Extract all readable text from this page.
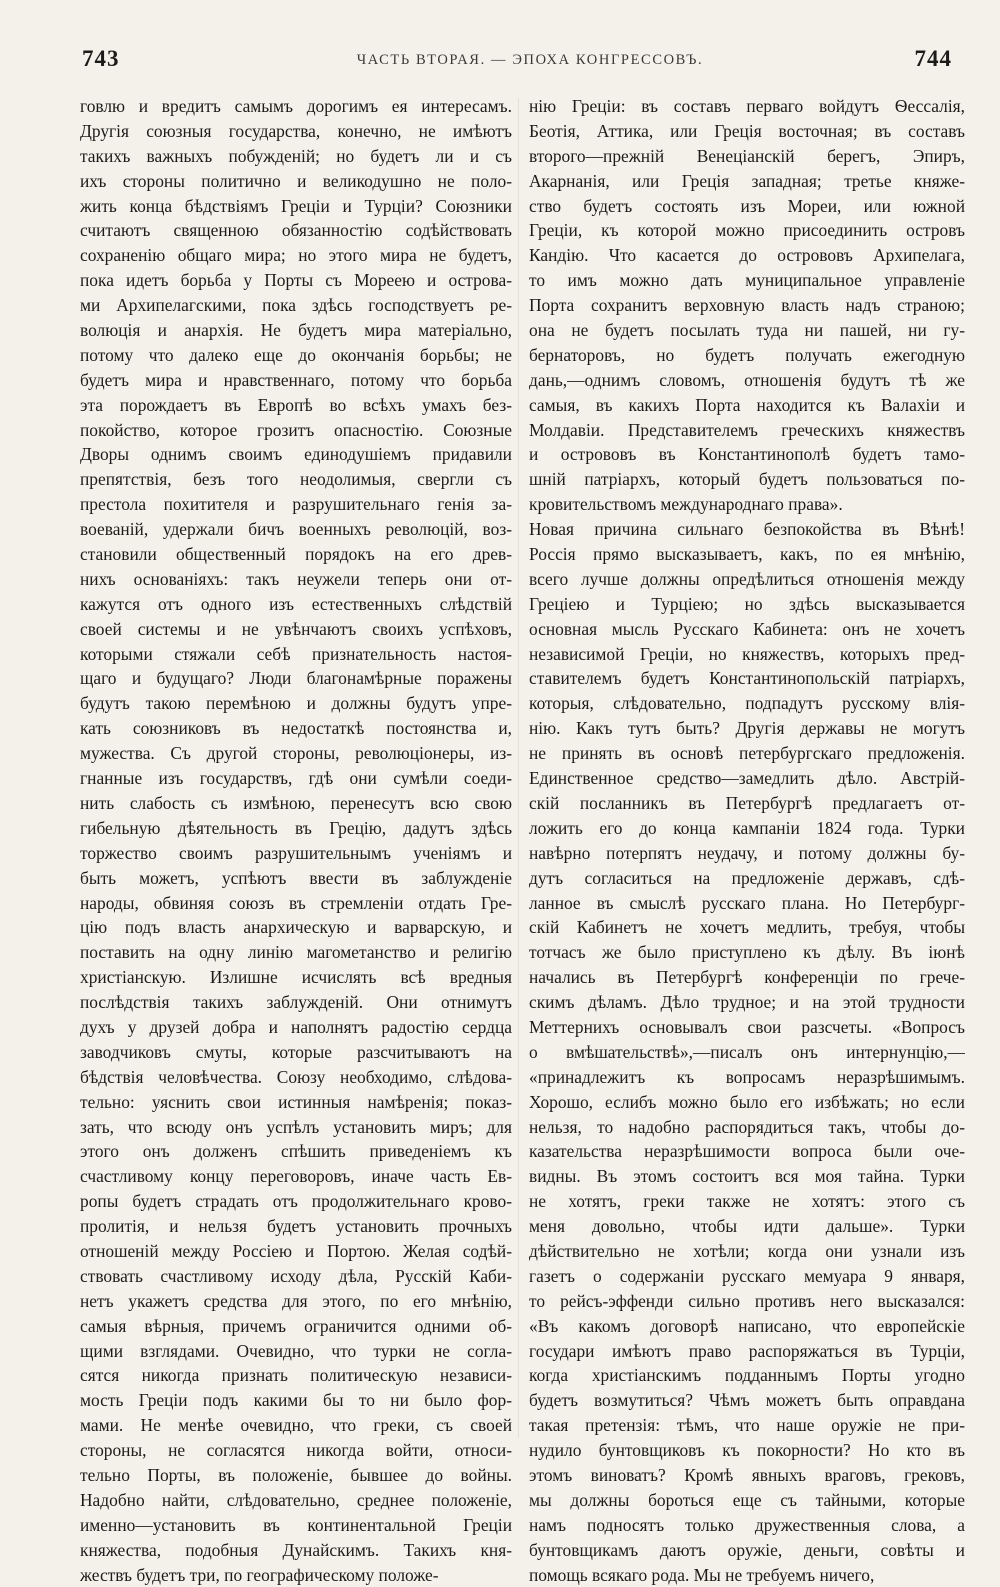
743	ЧАСТЬ ВТОРАЯ. — ЭПОХА КОНГРЕССОВЪ.	744
говлю и вредитъ самымъ дорогимъ ея интересамъ.
Другія союзныя государства, конечно, не имѣютъ
такихъ важныхъ побужденій; но будетъ ли и съ
ихъ стороны политично и великодушно не поло-
жить конца бѣдствіямъ Греціи и Турціи? Союзники
считаютъ священною обязанностію содѣйствовать
сохраненію общаго мира; но этого мира не будетъ,
пока идетъ борьба у Порты съ Мореею и острова-
ми Архипелагскими, пока здѣсь господствуетъ ре-
волюція и анархія. Не будетъ мира матеріально,
потому что далеко еще до окончанія борьбы; не
будетъ мира и нравственнаго, потому что борьба
эта порождаетъ въ Европѣ во всѣхъ умахъ без-
покойство, которое грозитъ опасностію. Союзные
Дворы однимъ своимъ единодушіемъ придавили
препятствія, безъ того неодолимыя, свергли съ
престола похитителя и разрушительнаго генія за-
воеваній, удержали бичъ военныхъ революцій, воз-
становили общественный порядокъ на его древ-
нихъ основаніяхъ: такъ неужели теперь они от-
кажутся отъ одного изъ естественныхъ слѣдствій
своей системы и не увѣнчаютъ своихъ успѣховъ,
которыми стяжали себѣ признательность настоя-
щаго и будущаго? Люди благонамѣрные поражены
будутъ такою перемѣною и должны будутъ упре-
кать союзниковъ въ недостаткѣ постоянства и,
мужества. Съ другой стороны, революціонеры, из-
гнанные изъ государствъ, гдѣ они сумѣли соеди-
нить слабость съ измѣною, перенесутъ всю свою
гибельную дѣятельность въ Грецію, дадутъ здѣсь
торжество своимъ разрушительнымъ ученіямъ и
быть можетъ, успѣютъ ввести въ заблужденіе
народы, обвиняя союзъ въ стремленіи отдать Гре-
цію подъ власть анархическую и варварскую, и
поставить на одну линію магометанство и религію
христіанскую. Излишне исчислять всѣ вредныя
послѣдствія такихъ заблужденій. Они отнимутъ
духъ у друзей добра и наполнятъ радостію сердца
заводчиковъ смуты, которые разсчитываютъ на
бѣдствія человѣчества. Союзу необходимо, слѣдова-
тельно: уяснить свои истинныя намѣренія; показ-
зать, что всюду онъ успѣлъ установить миръ; для
этого онъ долженъ спѣшить приведеніемъ къ
счастливому концу переговоровъ, иначе часть Ев-
ропы будетъ страдать отъ продолжительнаго крово-
пролитія, и нельзя будетъ установить прочныхъ
отношеній между Россіею и Портою. Желая содѣй-
ствовать счастливому исходу дѣла, Русскій Каби-
нетъ укажетъ средства для этого, по его мнѣнію,
самыя вѣрныя, причемъ ограничится одними об-
щими взглядами. Очевидно, что турки не согла-
сятся никогда признать политическую независи-
мость Греціи подъ какими бы то ни было фор-
мами. Не менѣе очевидно, что греки, съ своей
стороны, не согласятся никогда войти, относи-
тельно Порты, въ положеніе, бывшее до войны.
Надобно найти, слѣдовательно, среднее положеніе,
именно—установить въ континентальной Греціи
княжества, подобныя Дунайскимъ. Такихъ кня-
жествъ будетъ три, по географическому положе-
нію Греціи: въ составъ перваго войдутъ Ѳессалія,
Беотія, Аттика, или Греція восточная; въ составъ
второго—прежній Венеціанскій берегъ, Эпиръ,
Акарнанія, или Греція западная; третье княже-
ство будетъ состоять изъ Мореи, или южной
Греціи, къ которой можно присоединить островъ
Кандію. Что касается до острововъ Архипелага,
то имъ можно дать муниципальное управленіе
Порта сохранитъ верховную власть надъ страною;
она не будетъ посылать туда ни пашей, ни гу-
бернаторовъ, но будетъ получать ежегодную
дань,—однимъ словомъ, отношенія будутъ тѣ же
самыя, въ какихъ Порта находится къ Валахіи и
Молдавіи. Представителемъ греческихъ княжествъ
и острововъ въ Константинополѣ будетъ тамо-
шній патріархъ, который будетъ пользоваться по-
кровительствомъ международнаго права».
Новая причина сильнаго безпокойства въ Вѣнѣ!
Россія прямо высказываетъ, какъ, по ея мнѣнію,
всего лучше должны опредѣлиться отношенія между
Греціею и Турціею; но здѣсь высказывается
основная мысль Русскаго Кабинета: онъ не хочетъ
независимой Греціи, но княжествъ, которыхъ пред-
ставителемъ будетъ Константинопольскій патріархъ,
которыя, слѣдовательно, подпадутъ русскому влія-
нію. Какъ тутъ быть? Другія державы не могутъ
не принять въ основѣ петербургскаго предложенія.
Единственное средство—замедлить дѣло. Австрій-
скій посланникъ въ Петербургѣ предлагаетъ от-
ложить его до конца кампаніи 1824 года. Турки
навѣрно потерпятъ неудачу, и потому должны бу-
дутъ согласиться на предложеніе державъ, сдѣ-
ланное въ смыслѣ русскаго плана. Но Петербург-
скій Кабинетъ не хочетъ медлить, требуя, чтобы
тотчасъ же было приступлено къ дѣлу. Въ іюнѣ
начались въ Петербургѣ конференціи по грече-
скимъ дѣламъ. Дѣло трудное; и на этой трудности
Меттернихъ основывалъ свои разсчеты. «Вопросъ
о вмѣшательствѣ»,—писалъ онъ интернунцію,—
«принадлежитъ къ вопросамъ неразрѣшимымъ.
Хорошо, еслибъ можно было его избѣжать; но если
нельзя, то надобно распорядиться такъ, чтобы до-
казательства неразрѣшимости вопроса были оче-
видны. Въ этомъ состоитъ вся моя тайна. Турки
не хотятъ, греки также не хотятъ: этого съ
меня довольно, чтобы идти дальше». Турки
дѣйствительно не хотѣли; когда они узнали изъ
газетъ о содержаніи русскаго мемуара 9 января,
то рейсъ-эффенди сильно противъ него высказался:
«Въ какомъ договорѣ написано, что европейскіе
государи имѣютъ право распоряжаться въ Турціи,
когда христіанскимъ подданнымъ Порты угодно
будетъ возмутиться? Чѣмъ можетъ быть оправдана
такая претензія: тѣмъ, что наше оружіе не при-
нудило бунтовщиковъ къ покорности? Но кто въ
этомъ виноватъ? Кромѣ явныхъ враговъ, грековъ,
мы должны бороться еще съ тайными, которые
намъ подносятъ только дружественныя слова, а
бунтовщикамъ даютъ оружіе, деньги, совѣты и
помощь всякаго рода. Мы не требуемъ ничего,
